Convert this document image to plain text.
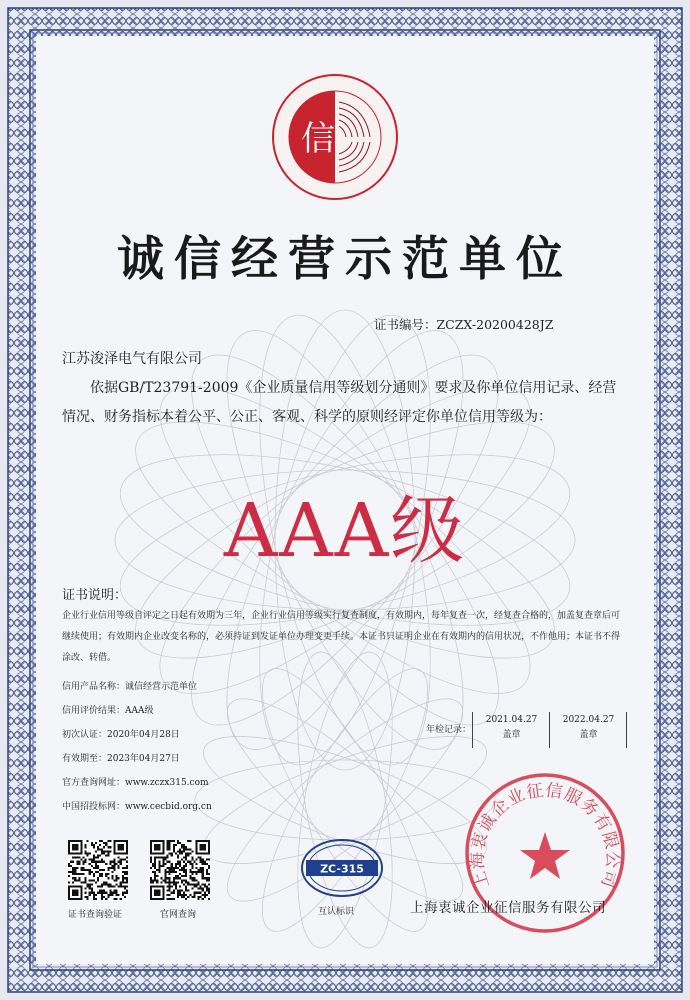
信
诚信经营示范单位
证书编号：ZCZX-20200428JZ
江苏浚泽电气有限公司
依据GB/T23791-2009《企业质量信用等级划分通则》要求及你单位信用记录、经营情况、财务指标本着公平、公正、客观、科学的原则经评定你单位信用等级为：
AAA级
证书说明：
企业行业信用等级自评定之日起有效期为三年，企业行业信用等级实行复查制度，有效期内，每年复查一次，经复查合格的，加盖复查章后可继续使用；有效期内企业改变名称的，必须持证到发证单位办理变更手续。本证书只证明企业在有效期内的信用状况，不作他用；本证书不得涂改、转借。
信用产品名称：诚信经营示范单位
信用评价结果：AAA级
初次认证：2020年04月28日
有效期至：2023年04月27日
官方查询网址：www.zczx315.com
中国招投标网：www.cecbid.org.cn
年检记录：
2021.04.27
盖章
2022.04.27
盖章
证书查询验证	官网查询
ZC-315
互认标识
上海衷诚企业征信服务有限公司
上海衷诚企业征信服务有限公司
